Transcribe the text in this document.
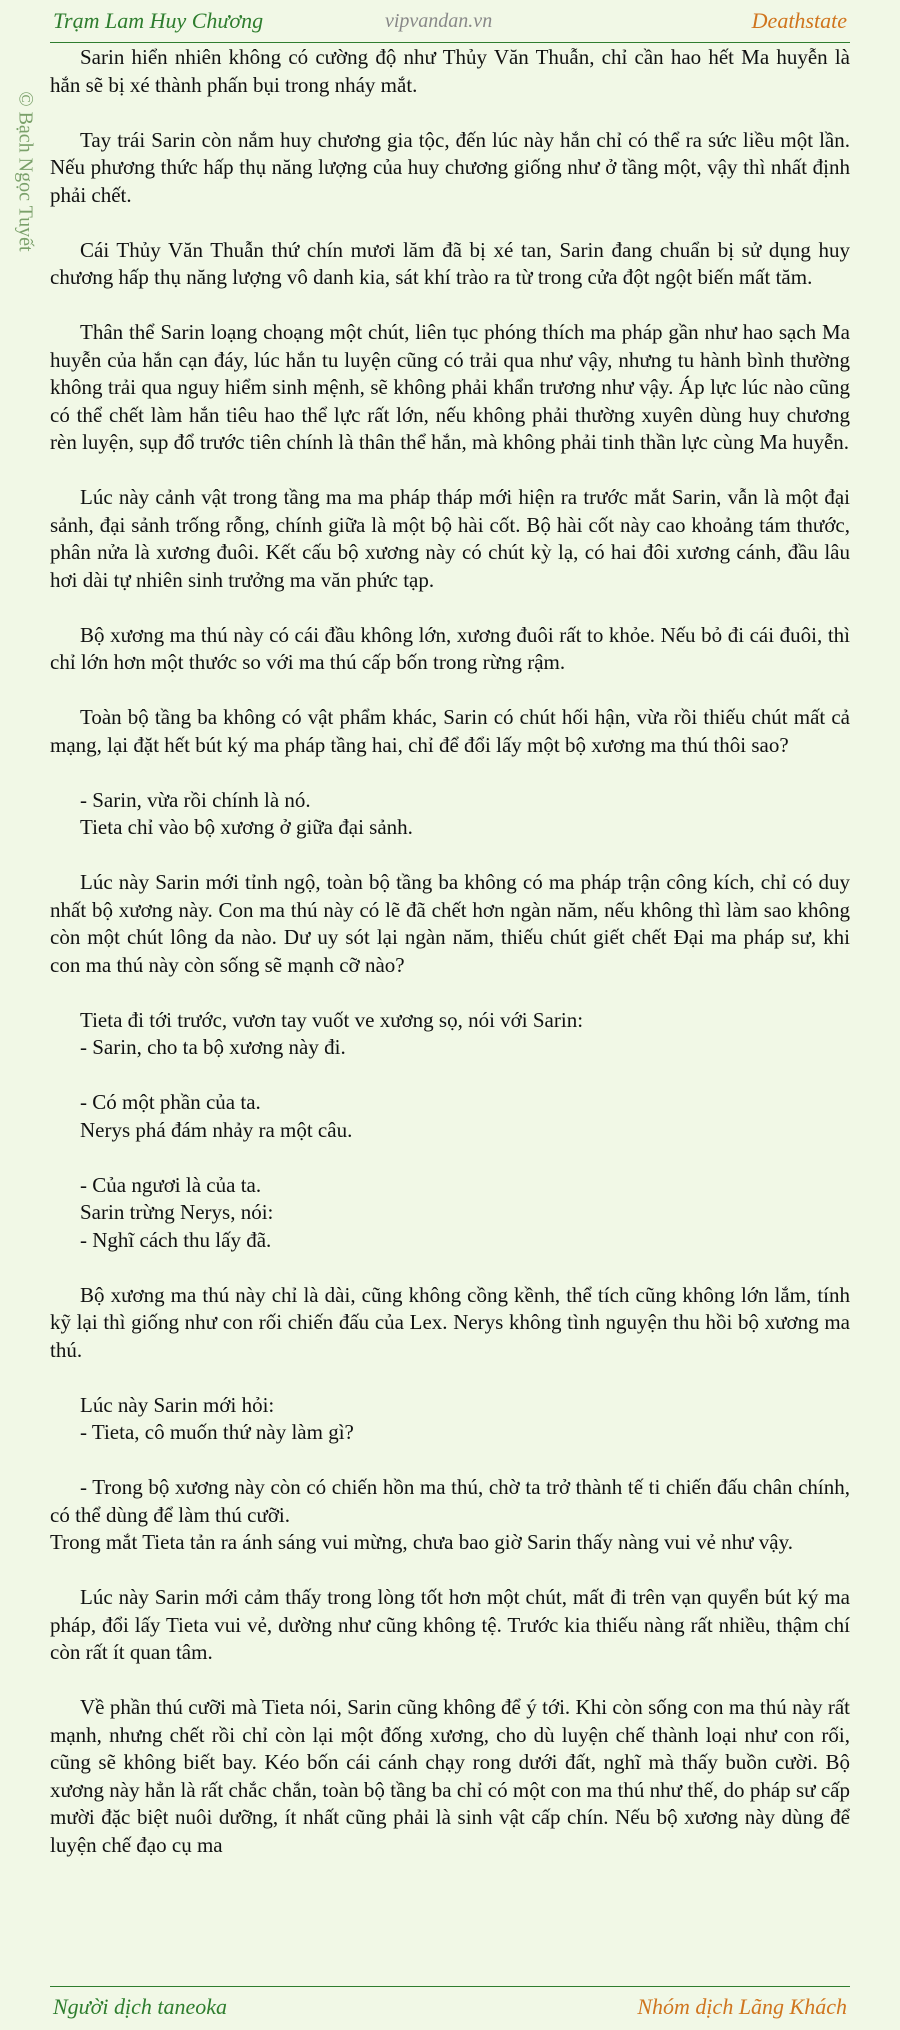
Trạm Lam Huy Chương	vipvandan.vn	Deathstate
© Bạch Ngọc Tuyết

Sarin hiển nhiên không có cường độ như Thủy Văn Thuẫn, chỉ cần hao hết Ma huyễn là hắn sẽ bị xé thành phấn bụi trong nháy mắt.

Tay trái Sarin còn nắm huy chương gia tộc, đến lúc này hắn chỉ có thể ra sức liều một lần. Nếu phương thức hấp thụ năng lượng của huy chương giống như ở tầng một, vậy thì nhất định phải chết.

Cái Thủy Văn Thuẫn thứ chín mươi lăm đã bị xé tan, Sarin đang chuẩn bị sử dụng huy chương hấp thụ năng lượng vô danh kia, sát khí trào ra từ trong cửa đột ngột biến mất tăm.

Thân thể Sarin loạng choạng một chút, liên tục phóng thích ma pháp gần như hao sạch Ma huyễn của hắn cạn đáy, lúc hắn tu luyện cũng có trải qua như vậy, nhưng tu hành bình thường không trải qua nguy hiểm sinh mệnh, sẽ không phải khẩn trương như vậy. Áp lực lúc nào cũng có thể chết làm hắn tiêu hao thể lực rất lớn, nếu không phải thường xuyên dùng huy chương rèn luyện, sụp đổ trước tiên chính là thân thể hắn, mà không phải tinh thần lực cùng Ma huyễn.

Lúc này cảnh vật trong tầng ma ma pháp tháp mới hiện ra trước mắt Sarin, vẫn là một đại sảnh, đại sảnh trống rỗng, chính giữa là một bộ hài cốt. Bộ hài cốt này cao khoảng tám thước, phân nửa là xương đuôi. Kết cấu bộ xương này có chút kỳ lạ, có hai đôi xương cánh, đầu lâu hơi dài tự nhiên sinh trưởng ma văn phức tạp.

Bộ xương ma thú này có cái đầu không lớn, xương đuôi rất to khỏe. Nếu bỏ đi cái đuôi, thì chỉ lớn hơn một thước so với ma thú cấp bốn trong rừng rậm.

Toàn bộ tầng ba không có vật phẩm khác, Sarin có chút hối hận, vừa rồi thiếu chút mất cả mạng, lại đặt hết bút ký ma pháp tầng hai, chỉ để đổi lấy một bộ xương ma thú thôi sao?

- Sarin, vừa rồi chính là nó.
Tieta chỉ vào bộ xương ở giữa đại sảnh.

Lúc này Sarin mới tỉnh ngộ, toàn bộ tầng ba không có ma pháp trận công kích, chỉ có duy nhất bộ xương này. Con ma thú này có lẽ đã chết hơn ngàn năm, nếu không thì làm sao không còn một chút lông da nào. Dư uy sót lại ngàn năm, thiếu chút giết chết Đại ma pháp sư, khi con ma thú này còn sống sẽ mạnh cỡ nào?

Tieta đi tới trước, vươn tay vuốt ve xương sọ, nói với Sarin:
- Sarin, cho ta bộ xương này đi.

- Có một phần của ta.
Nerys phá đám nhảy ra một câu.

- Của ngươi là của ta.
Sarin trừng Nerys, nói:
- Nghĩ cách thu lấy đã.

Bộ xương ma thú này chỉ là dài, cũng không cồng kềnh, thể tích cũng không lớn lắm, tính kỹ lại thì giống như con rối chiến đấu của Lex. Nerys không tình nguyện thu hồi bộ xương ma thú.

Lúc này Sarin mới hỏi:
- Tieta, cô muốn thứ này làm gì?

- Trong bộ xương này còn có chiến hồn ma thú, chờ ta trở thành tế ti chiến đấu chân chính, có thể dùng để làm thú cưỡi.
Trong mắt Tieta tản ra ánh sáng vui mừng, chưa bao giờ Sarin thấy nàng vui vẻ như vậy.

Lúc này Sarin mới cảm thấy trong lòng tốt hơn một chút, mất đi trên vạn quyển bút ký ma pháp, đổi lấy Tieta vui vẻ, dường như cũng không tệ. Trước kia thiếu nàng rất nhiều, thậm chí còn rất ít quan tâm.

Về phần thú cưỡi mà Tieta nói, Sarin cũng không để ý tới. Khi còn sống con ma thú này rất mạnh, nhưng chết rồi chỉ còn lại một đống xương, cho dù luyện chế thành loại như con rối, cũng sẽ không biết bay. Kéo bốn cái cánh chạy rong dưới đất, nghĩ mà thấy buồn cười. Bộ xương này hẳn là rất chắc chắn, toàn bộ tầng ba chỉ có một con ma thú như thế, do pháp sư cấp mười đặc biệt nuôi dưỡng, ít nhất cũng phải là sinh vật cấp chín. Nếu bộ xương này dùng để luyện chế đạo cụ ma

Người dịch taneoka	Nhóm dịch Lãng Khách
